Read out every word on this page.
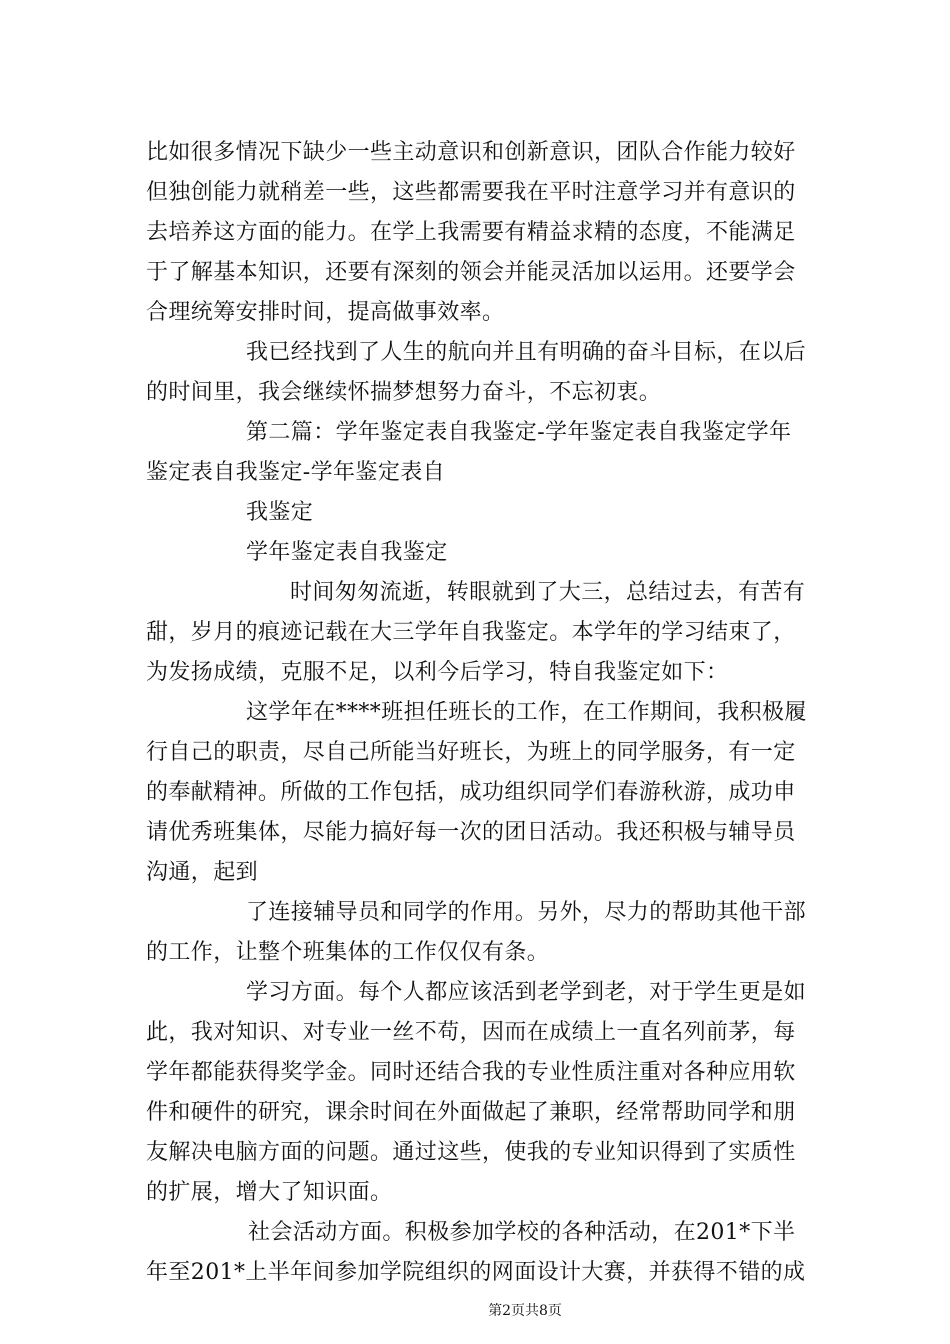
比如很多情况下缺少一些主动意识和创新意识，团队合作能力较好
但独创能力就稍差一些，这些都需要我在平时注意学习并有意识的
去培养这方面的能力。在学上我需要有精益求精的态度，不能满足
于了解基本知识，还要有深刻的领会并能灵活加以运用。还要学会
合理统筹安排时间，提高做事效率。
我已经找到了人生的航向并且有明确的奋斗目标，在以后
的时间里，我会继续怀揣梦想努力奋斗，不忘初衷。
第二篇：学年鉴定表自我鉴定-学年鉴定表自我鉴定学年
鉴定表自我鉴定-学年鉴定表自
我鉴定
学年鉴定表自我鉴定
时间匆匆流逝，转眼就到了大三，总结过去，有苦有
甜，岁月的痕迹记载在大三学年自我鉴定。本学年的学习结束了，
为发扬成绩，克服不足，以利今后学习，特自我鉴定如下：
这学年在****班担任班长的工作，在工作期间，我积极履
行自己的职责，尽自己所能当好班长，为班上的同学服务，有一定
的奉献精神。所做的工作包括，成功组织同学们春游秋游，成功申
请优秀班集体，尽能力搞好每一次的团日活动。我还积极与辅导员
沟通，起到
了连接辅导员和同学的作用。另外，尽力的帮助其他干部
的工作，让整个班集体的工作仅仅有条。
学习方面。每个人都应该活到老学到老，对于学生更是如
此，我对知识、对专业一丝不苟，因而在成绩上一直名列前茅，每
学年都能获得奖学金。同时还结合我的专业性质注重对各种应用软
件和硬件的研究，课余时间在外面做起了兼职，经常帮助同学和朋
友解决电脑方面的问题。通过这些，使我的专业知识得到了实质性
的扩展，增大了知识面。
社会活动方面。积极参加学校的各种活动，在201*下半
年至201*上半年间参加学院组织的网面设计大赛，并获得不错的成
第2页共8页
